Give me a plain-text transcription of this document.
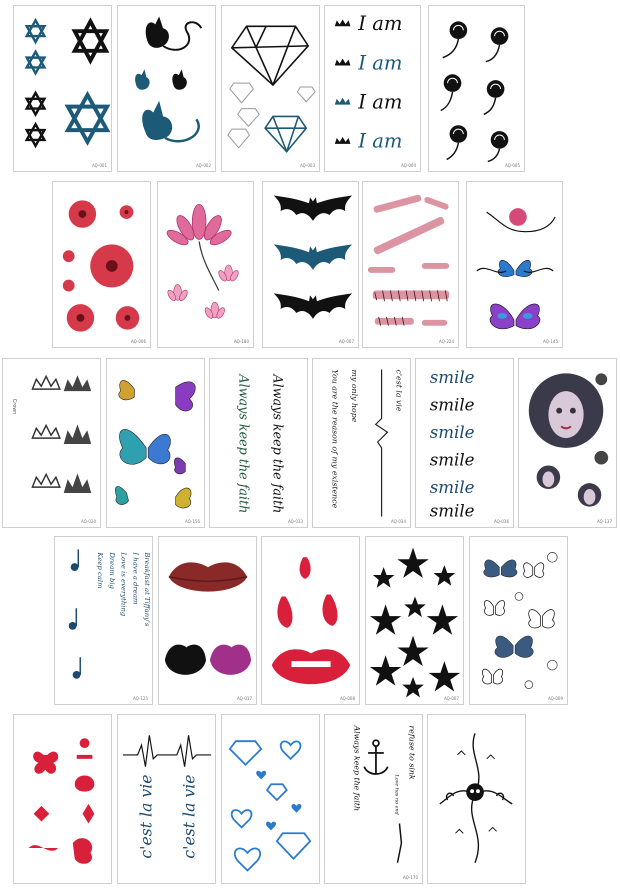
AQ-001	AQ-002	AQ-003
I am
I am
I am
I am
AQ-004	AQ-005
AQ-006	AQ-180	AQ-007	AQ-224	AQ-145
Crown
AQ-020	AQ-156
Always keep the faith Always keep the faith
AQ-033
You are the reason of my existence my only hope	c'est la vie
AQ-034
smile
smile
smile
smile
smile
smile
AQ-036	AQ-137
Breakfast at Tiffany's
I have a dream
Love is everything
Dream big
Keep calm
AQ-125	AQ-017	AQ-008	AQ-007	AQ-009
c'est la vie c'est la vie
Always keep the faith	refuse to sink
Love has no end
AQ-170
